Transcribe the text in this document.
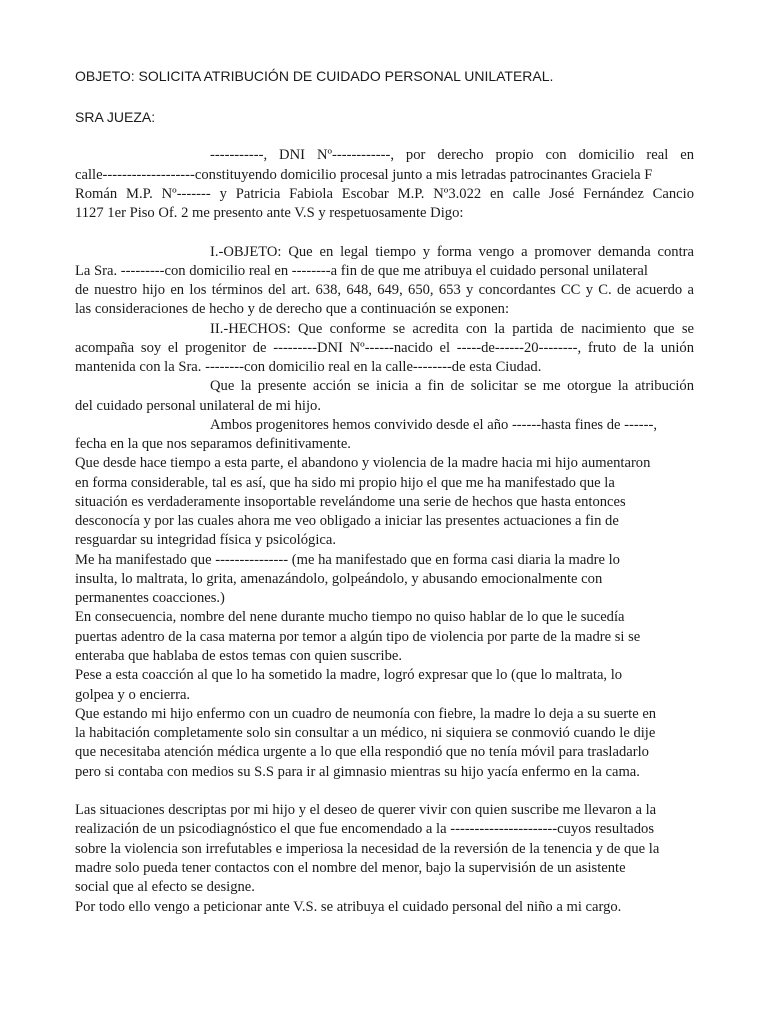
OBJETO: SOLICITA ATRIBUCIÓN DE CUIDADO PERSONAL UNILATERAL.
SRA JUEZA:
-----------, DNI Nº------------, por derecho propio con domicilio real en
calle-------------------constituyendo domicilio procesal junto a mis letradas patrocinantes Graciela F
Román M.P. Nº------- y Patricia Fabiola Escobar M.P. Nº3.022 en calle José Fernández Cancio
1127 1er Piso Of. 2 me presento ante V.S y respetuosamente Digo:
I.-OBJETO: Que en legal tiempo y forma vengo a promover demanda contra
La Sra. ---------con domicilio real en --------a fin de que me atribuya el cuidado personal unilateral
de nuestro hijo en los términos del art. 638, 648, 649, 650, 653 y concordantes CC y C. de acuerdo a
las consideraciones de hecho y de derecho que a continuación se exponen:
II.-HECHOS: Que conforme se acredita con la partida de nacimiento que se
acompaña soy el progenitor de ---------DNI Nº------nacido el -----de------20--------, fruto de la unión
mantenida con la Sra. --------con domicilio real en la calle--------de esta Ciudad.
Que la presente acción se inicia a fin de solicitar se me otorgue la atribución
del cuidado personal unilateral de mi hijo.
Ambos progenitores hemos convivido desde el año ------hasta fines de ------,
fecha en la que nos separamos definitivamente.
Que desde hace tiempo a esta parte, el abandono y violencia de la madre hacia mi hijo aumentaron
en forma considerable, tal es así, que ha sido mi propio hijo el que me ha manifestado que la
situación es verdaderamente insoportable revelándome una serie de hechos que hasta entonces
desconocía y por las cuales ahora me veo obligado a iniciar las presentes actuaciones a fin de
resguardar su integridad física y psicológica.
Me ha manifestado que --------------- (me ha manifestado que en forma casi diaria la madre lo
insulta, lo maltrata, lo grita, amenazándolo, golpeándolo, y abusando emocionalmente con
permanentes coacciones.)
En consecuencia, nombre del nene durante mucho tiempo no quiso hablar de lo que le sucedía
puertas adentro de la casa materna por temor a algún tipo de violencia por parte de la madre si se
enteraba que hablaba de estos temas con quien suscribe.
Pese a esta coacción al que lo ha sometido la madre, logró expresar que lo (que lo maltrata, lo
golpea y o encierra.
Que estando mi hijo enfermo con un cuadro de neumonía con fiebre, la madre lo deja a su suerte en
la habitación completamente solo sin consultar a un médico, ni siquiera se conmovió cuando le dije
que necesitaba atención médica urgente a lo que ella respondió que no tenía móvil para trasladarlo
pero si contaba con medios su S.S para ir al gimnasio mientras su hijo yacía enfermo en la cama.
Las situaciones descriptas por mi hijo y el deseo de querer vivir con quien suscribe me llevaron a la
realización de un psicodiagnóstico el que fue encomendado a la ----------------------cuyos resultados
sobre la violencia son irrefutables e imperiosa la necesidad de la reversión de la tenencia y de que la
madre solo pueda tener contactos con el nombre del menor, bajo la supervisión de un asistente
social que al efecto se designe.
Por todo ello vengo a peticionar ante V.S. se atribuya el cuidado personal del niño a mi cargo.
